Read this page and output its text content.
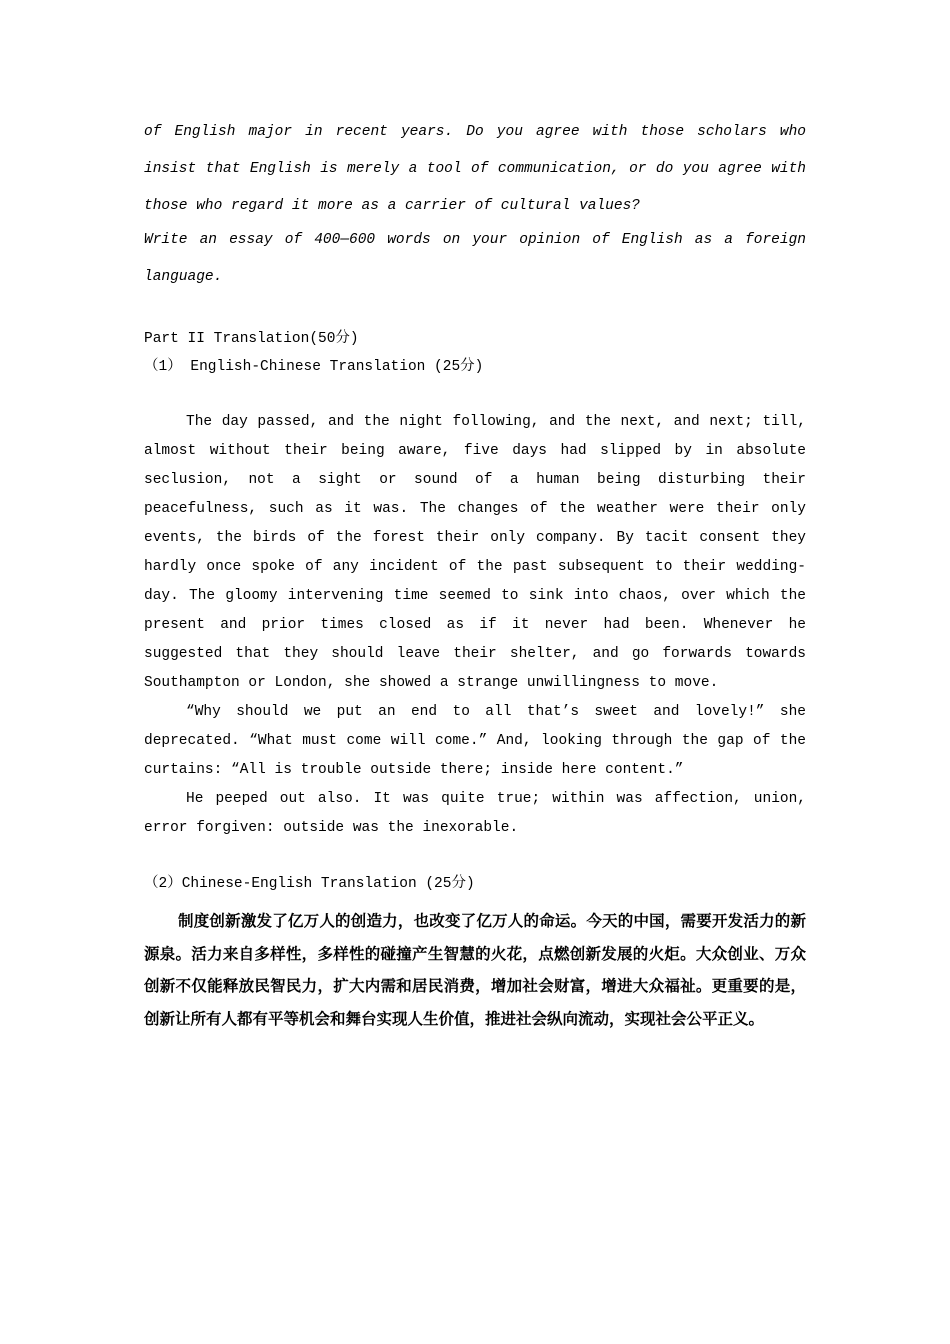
of English major in recent years. Do you agree with those scholars who insist that English is merely a tool of communication, or do you agree with those who regard it more as a carrier of cultural values?

Write an essay of 400—600 words on your opinion of English as a foreign language.

Part II Translation(50分)
（1） English-Chinese Translation (25分)

The day passed, and the night following, and the next, and next; till, almost without their being aware, five days had slipped by in absolute seclusion, not a sight or sound of a human being disturbing their peacefulness, such as it was. The changes of the weather were their only events, the birds of the forest their only company. By tacit consent they hardly once spoke of any incident of the past subsequent to their wedding-day. The gloomy intervening time seemed to sink into chaos, over which the present and prior times closed as if it never had been. Whenever he suggested that they should leave their shelter, and go forwards towards Southampton or London, she showed a strange unwillingness to move.

“Why should we put an end to all that’s sweet and lovely!” she deprecated. “What must come will come.” And, looking through the gap of the curtains: “All is trouble outside there; inside here content.”

He peeped out also. It was quite true; within was affection, union, error forgiven: outside was the inexorable.

（2）Chinese-English Translation (25分)

制度创新激发了亿万人的创造力，也改变了亿万人的命运。今天的中国，需要开发活力的新源泉。活力来自多样性，多样性的碰撞产生智慧的火花，点燃创新发展的火炬。大众创业、万众创新不仅能释放民智民力，扩大内需和居民消费，增加社会财富，增进大众福祉。更重要的是，创新让所有人都有平等机会和舞台实现人生价值，推进社会纵向流动，实现社会公平正义。
